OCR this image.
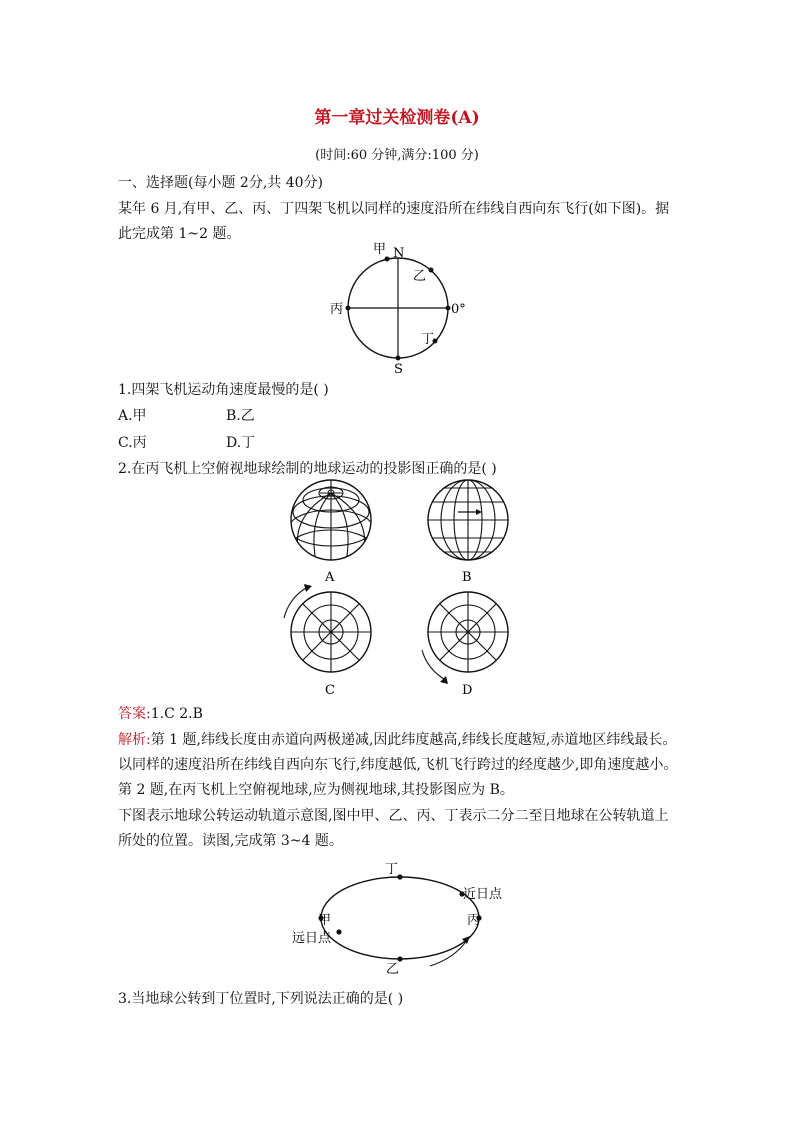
第一章过关检测卷(A)
(时间:60 分钟,满分:100 分)
一、选择题(每小题 2分,共 40分)
某年 6 月,有甲、乙、丙、丁四架飞机以同样的速度沿所在纬线自西向东飞行(如下图)。据
此完成第 1~2 题。
甲 N
乙
丙	0°
丁
S
1.四架飞机运动角速度最慢的是( )
A.甲	B.乙
C.丙	D.丁
2.在丙飞机上空俯视地球绘制的地球运动的投影图正确的是( )
A	B
C	D
答案:1.C 2.B
解析:第 1 题,纬线长度由赤道向两极递减,因此纬度越高,纬线长度越短,赤道地区纬线最长。
以同样的速度沿所在纬线自西向东飞行,纬度越低,飞机飞行跨过的经度越少,即角速度越小。
第 2 题,在丙飞机上空俯视地球,应为侧视地球,其投影图应为 B。
下图表示地球公转运动轨道示意图,图中甲、乙、丙、丁表示二分二至日地球在公转轨道上
所处的位置。读图,完成第 3~4 题。
丁
近日点
甲	丙
远日点
乙
3.当地球公转到丁位置时,下列说法正确的是( )
